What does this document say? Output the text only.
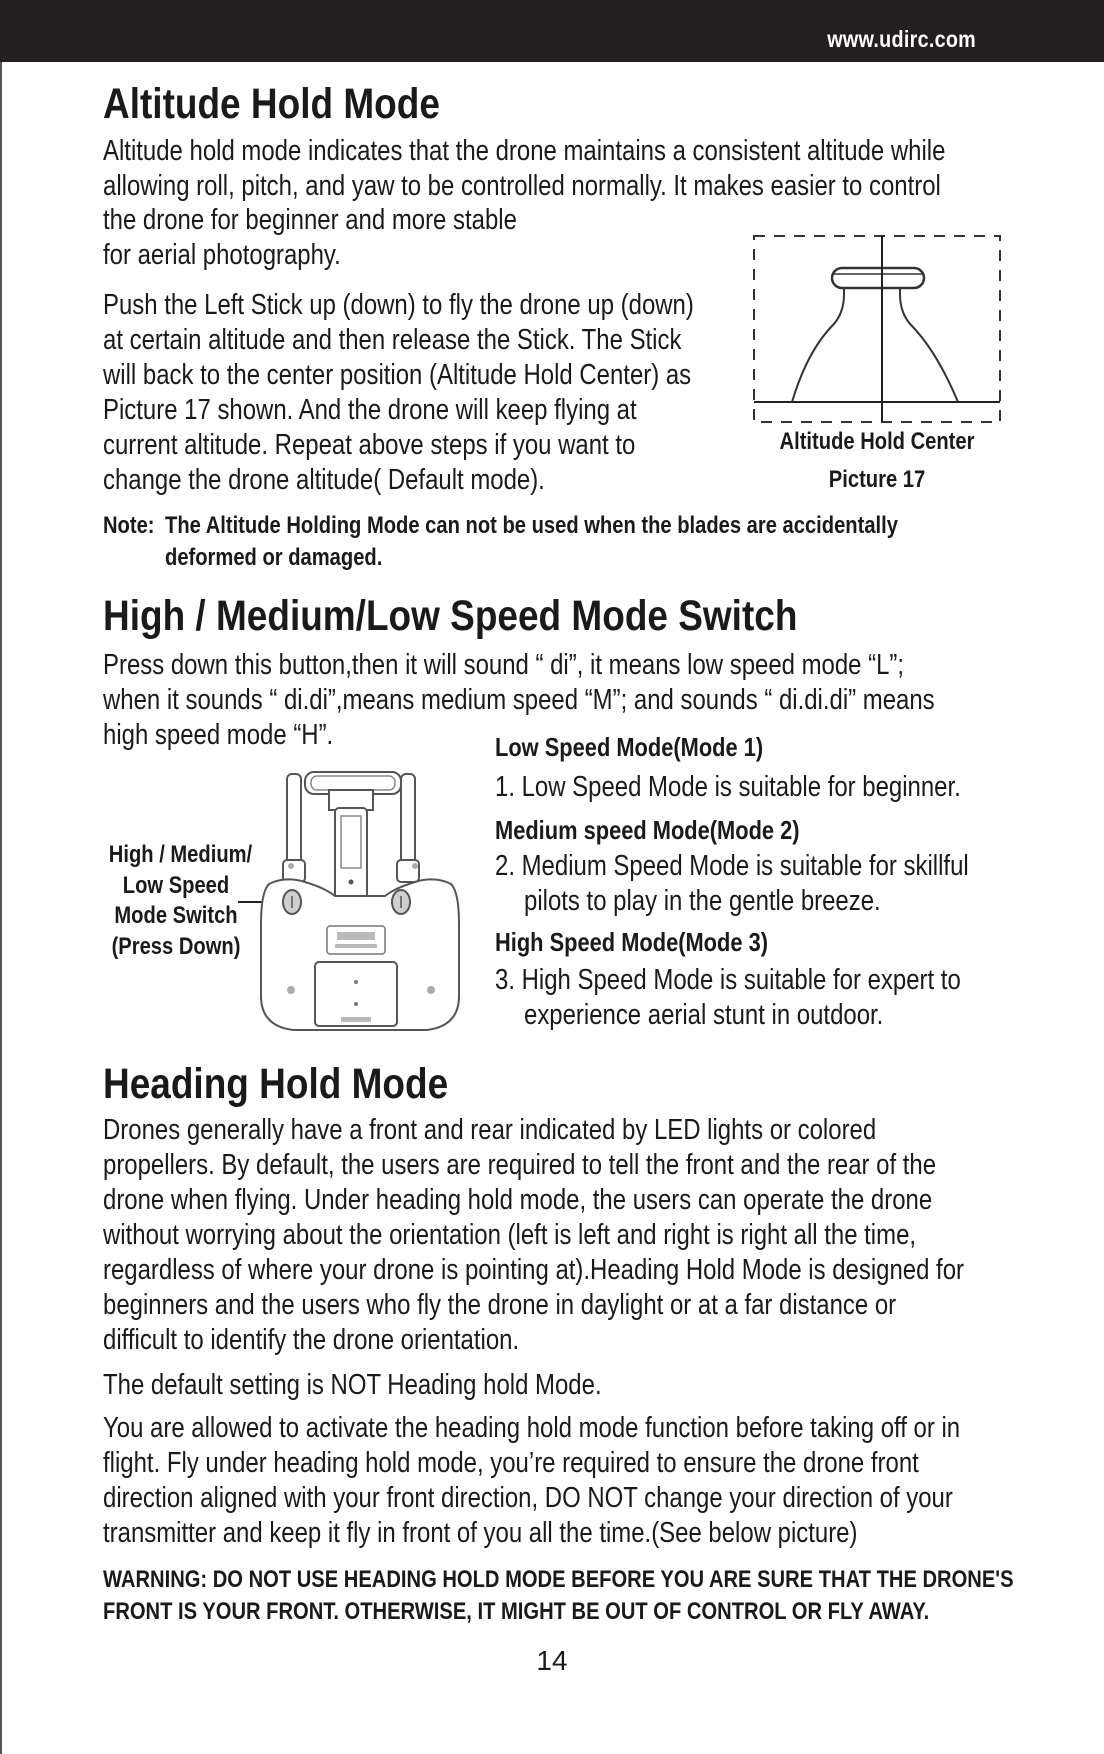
www.udirc.com
Altitude Hold Mode
Altitude hold mode indicates that the drone maintains a consistent altitude while
allowing roll, pitch, and yaw to be controlled normally. It makes easier to control
the drone for beginner and more stable
for aerial photography.
Push the Left Stick up (down) to fly the drone up (down)
at certain altitude and then release the Stick. The Stick
will back to the center position (Altitude Hold Center) as
Picture 17 shown. And the drone will keep flying at
current altitude. Repeat above steps if you want to
change the drone altitude( Default mode).
Altitude Hold Center
Picture 17
Note: The Altitude Holding Mode can not be used when the blades are accidentally
deformed or damaged.
High / Medium/Low Speed Mode Switch
Press down this button,then it will sound “ di”, it means low speed mode “L”;
when it sounds “ di.di”,means medium speed “M”; and sounds “ di.di.di” means
high speed mode “H”.
High / Medium/
Low Speed
Mode Switch
(Press Down)
Low Speed Mode(Mode 1)
1. Low Speed Mode is suitable for beginner.
Medium speed Mode(Mode 2)
2. Medium Speed Mode is suitable for skillful
pilots to play in the gentle breeze.
High Speed Mode(Mode 3)
3. High Speed Mode is suitable for expert to
experience aerial stunt in outdoor.
Heading Hold Mode
Drones generally have a front and rear indicated by LED lights or colored
propellers. By default, the users are required to tell the front and the rear of the
drone when flying. Under heading hold mode, the users can operate the drone
without worrying about the orientation (left is left and right is right all the time,
regardless of where your drone is pointing at).Heading Hold Mode is designed for
beginners and the users who fly the drone in daylight or at a far distance or
difficult to identify the drone orientation.
The default setting is NOT Heading hold Mode.
You are allowed to activate the heading hold mode function before taking off or in
flight. Fly under heading hold mode, you’re required to ensure the drone front
direction aligned with your front direction, DO NOT change your direction of your
transmitter and keep it fly in front of you all the time.(See below picture)
WARNING: DO NOT USE HEADING HOLD MODE BEFORE YOU ARE SURE THAT THE DRONE'S
FRONT IS YOUR FRONT. OTHERWISE, IT MIGHT BE OUT OF CONTROL OR FLY AWAY.
14
